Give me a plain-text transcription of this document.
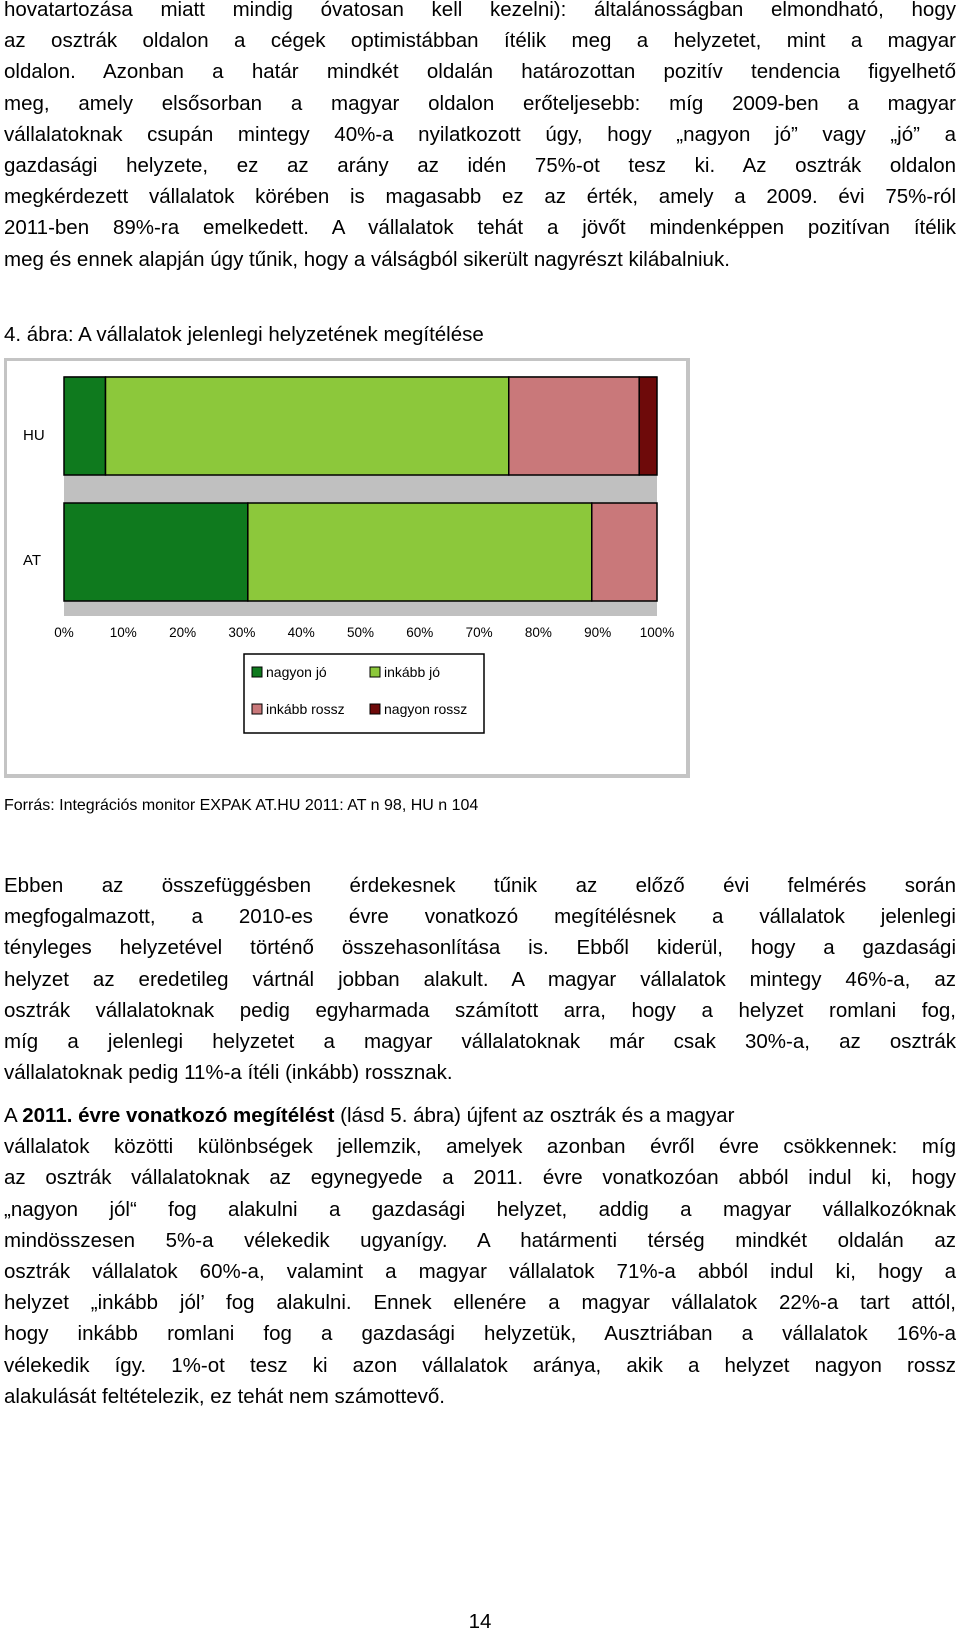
hovatartozása miatt mindig óvatosan kell kezelni): általánosságban elmondható, hogy
az osztrák oldalon a cégek optimistábban ítélik meg a helyzetet, mint a magyar
oldalon. Azonban a határ mindkét oldalán határozottan pozitív tendencia figyelhető
meg, amely elsősorban a magyar oldalon erőteljesebb: míg 2009-ben a magyar
vállalatoknak csupán mintegy 40%-a nyilatkozott úgy, hogy „nagyon jó” vagy „jó” a
gazdasági helyzete, ez az arány az idén 75%-ot tesz ki. Az osztrák oldalon
megkérdezett vállalatok körében is magasabb ez az érték, amely a 2009. évi 75%-ról
2011-ben 89%-ra emelkedett. A vállalatok tehát a jövőt mindenképpen pozitívan ítélik
meg és ennek alapján úgy tűnik, hogy a válságból sikerült nagyrészt kilábalniuk.
4. ábra: A vállalatok jelenlegi helyzetének megítélése
HU
AT
0%	10% 20% 30% 40% 50% 60% 70% 80% 90% 100%
nagyon jó	inkább jó
inkább rossz	nagyon rossz
Forrás: Integrációs monitor EXPAK AT.HU 2011: AT n 98, HU n 104
Ebben az összefüggésben érdekesnek tűnik az előző évi felmérés során
megfogalmazott, a 2010-es évre vonatkozó megítélésnek a vállalatok jelenlegi
tényleges helyzetével történő összehasonlítása is. Ebből kiderül, hogy a gazdasági
helyzet az eredetileg vártnál jobban alakult. A magyar vállalatok mintegy 46%-a, az
osztrák vállalatoknak pedig egyharmada számított arra, hogy a helyzet romlani fog,
míg a jelenlegi helyzetet a magyar vállalatoknak már csak 30%-a, az osztrák
vállalatoknak pedig 11%-a ítéli (inkább) rossznak.
A 2011. évre vonatkozó megítélést (lásd 5. ábra) újfent az osztrák és a magyar
vállalatok közötti különbségek jellemzik, amelyek azonban évről évre csökkennek: míg
az osztrák vállalatoknak az egynegyede a 2011. évre vonatkozóan abból indul ki, hogy
„nagyon jól“ fog alakulni a gazdasági helyzet, addig a magyar vállalkozóknak
mindösszesen 5%-a vélekedik ugyanígy. A határmenti térség mindkét oldalán az
osztrák vállalatok 60%-a, valamint a magyar vállalatok 71%-a abból indul ki, hogy a
helyzet „inkább jól’ fog alakulni. Ennek ellenére a magyar vállalatok 22%-a tart attól,
hogy inkább romlani fog a gazdasági helyzetük, Ausztriában a vállalatok 16%-a
vélekedik így. 1%-ot tesz ki azon vállalatok aránya, akik a helyzet nagyon rossz
alakulását feltételezik, ez tehát nem számottevő.
14
